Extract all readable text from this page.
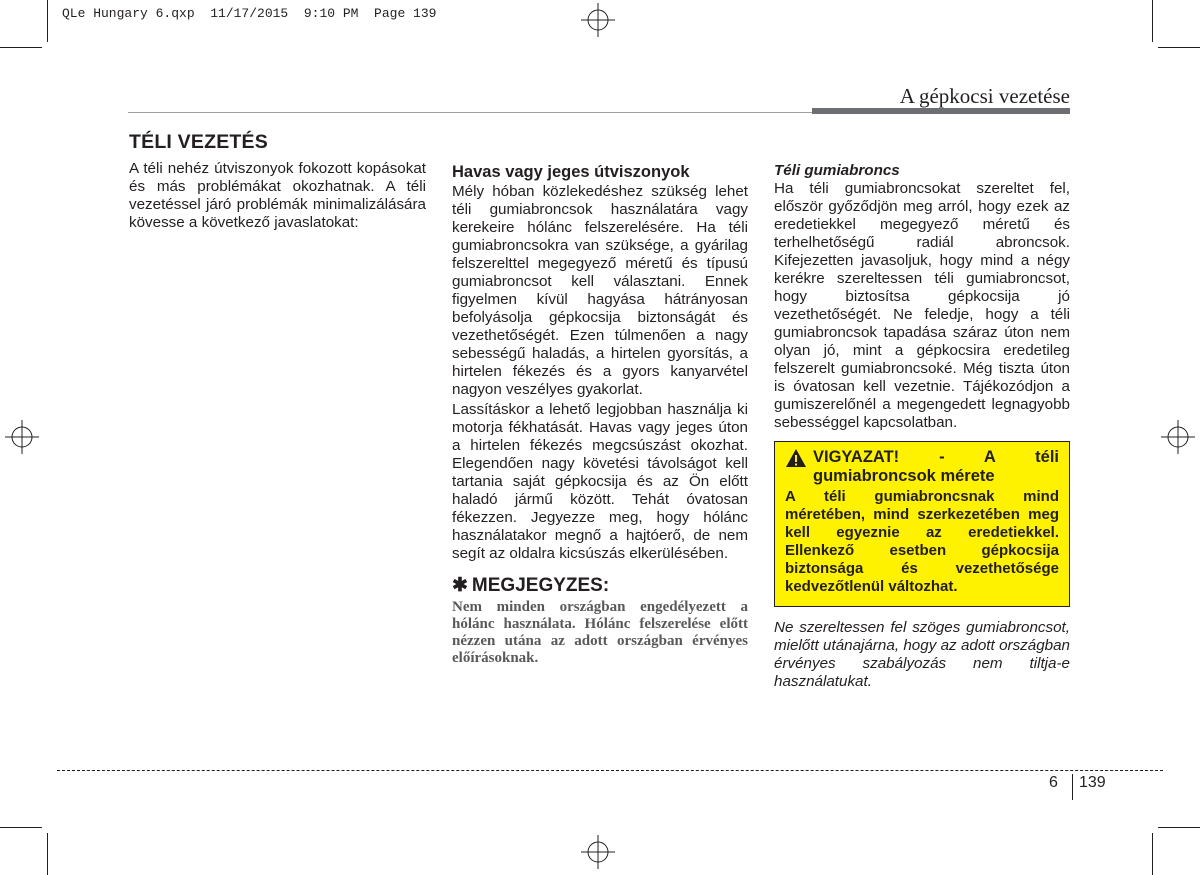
QLe Hungary 6.qxp  11/17/2015  9:10 PM  Page 139
A gépkocsi vezetése
TÉLI VEZETÉS

A téli nehéz útviszonyok fokozott kopásokat és más problémákat okozhatnak. A téli vezetéssel járó problémák minimalizálására kövesse a következő javaslatokat:

Havas vagy jeges útviszonyok

Mély hóban közlekedéshez szükség lehet téli gumiabroncsok használatára vagy kerekeire hólánc felszerelésére. Ha téli gumiabroncsokra van szüksége, a gyárilag felszerelttel megegyező méretű és típusú gumiabroncsot kell választani. Ennek figyelmen kívül hagyása hátrányosan befolyásolja gépkocsija biztonságát és vezethetőségét. Ezen túlmenően a nagy sebességű haladás, a hirtelen gyorsítás, a hirtelen fékezés és a gyors kanyarvétel nagyon veszélyes gyakorlat.

Lassításkor a lehető legjobban használja ki motorja fékhatását. Havas vagy jeges úton a hirtelen fékezés megcsúszást okozhat. Elegendően nagy követési távolságot kell tartania saját gépkocsija és az Ön előtt haladó jármű között. Tehát óvatosan fékezzen. Jegyezze meg, hogy hólánc használatakor megnő a hajtóerő, de nem segít az oldalra kicsúszás elkerülésében.

✱ MEGJEGYZES:
Nem minden országban engedélyezett a hólánc használata. Hólánc felszerelése előtt nézzen utána az adott országban érvényes előírásoknak.
Téli gumiabroncs

Ha téli gumiabroncsokat szereltet fel, először győződjön meg arról, hogy ezek az eredetiekkel megegyező méretű és terhelhetőségű radiál abroncsok. Kifejezetten javasoljuk, hogy mind a négy kerékre szereltessen téli gumiabroncsot, hogy biztosítsa gépkocsija jó vezethetőségét. Ne feledje, hogy a téli gumiabroncsok tapadása száraz úton nem olyan jó, mint a gépkocsira eredetileg felszerelt gumiabroncsoké. Még tiszta úton is óvatosan kell vezetnie. Tájékozódjon a gumiszerelőnél a megengedett legnagyobb sebességgel kapcsolatban.

VIGYAZAT! - A téli gumiabroncsok mérete
A téli gumiabroncsnak mind méretében, mind szerkezetében meg kell egyeznie az eredetiekkel. Ellenkező esetben gépkocsija biztonsága és vezethetősége kedvezőtlenül változhat.

Ne szereltessen fel szöges gumiabroncsot, mielőtt utánajárna, hogy az adott országban érvényes szabályozás nem tiltja-e használatukat.

6 139
